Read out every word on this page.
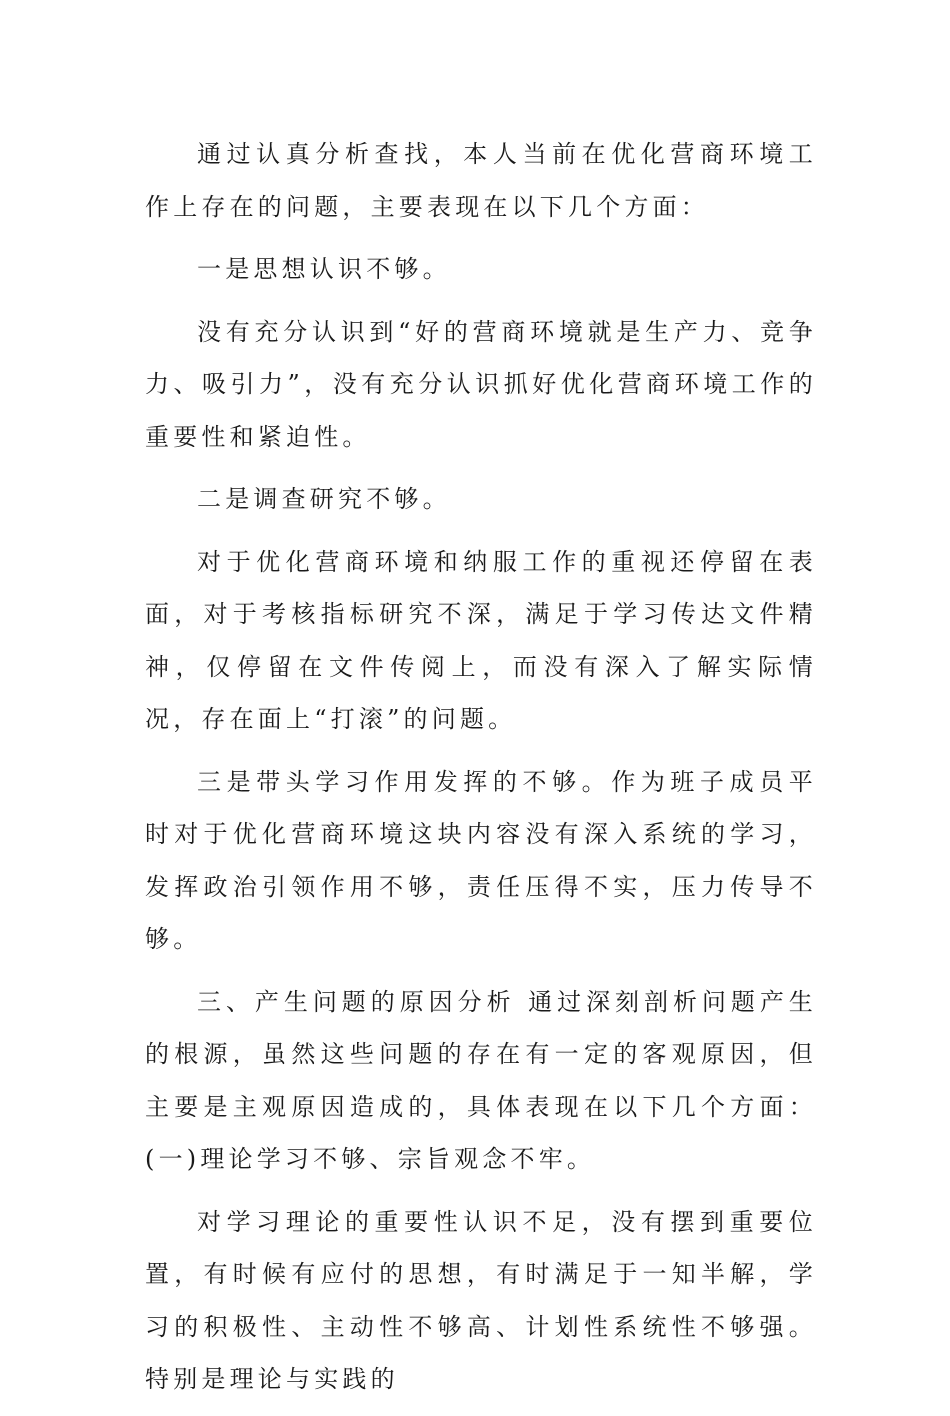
通过认真分析查找，本人当前在优化营商环境工作上存在的问题，主要表现在以下几个方面：

一是思想认识不够。

没有充分认识到“好的营商环境就是生产力、竞争力、吸引力”，没有充分认识抓好优化营商环境工作的重要性和紧迫性。

二是调查研究不够。

对于优化营商环境和纳服工作的重视还停留在表面，对于考核指标研究不深，满足于学习传达文件精神，仅停留在文件传阅上，而没有深入了解实际情况，存在面上“打滚”的问题。

三是带头学习作用发挥的不够。作为班子成员平时对于优化营商环境这块内容没有深入系统的学习，发挥政治引领作用不够，责任压得不实，压力传导不够。

三、产生问题的原因分析 通过深刻剖析问题产生的根源，虽然这些问题的存在有一定的客观原因，但主要是主观原因造成的，具体表现在以下几个方面：(一)理论学习不够、宗旨观念不牢。

对学习理论的重要性认识不足，没有摆到重要位置，有时候有应付的思想，有时满足于一知半解，学习的积极性、主动性不够高、计划性系统性不够强。特别是理论与实践的
